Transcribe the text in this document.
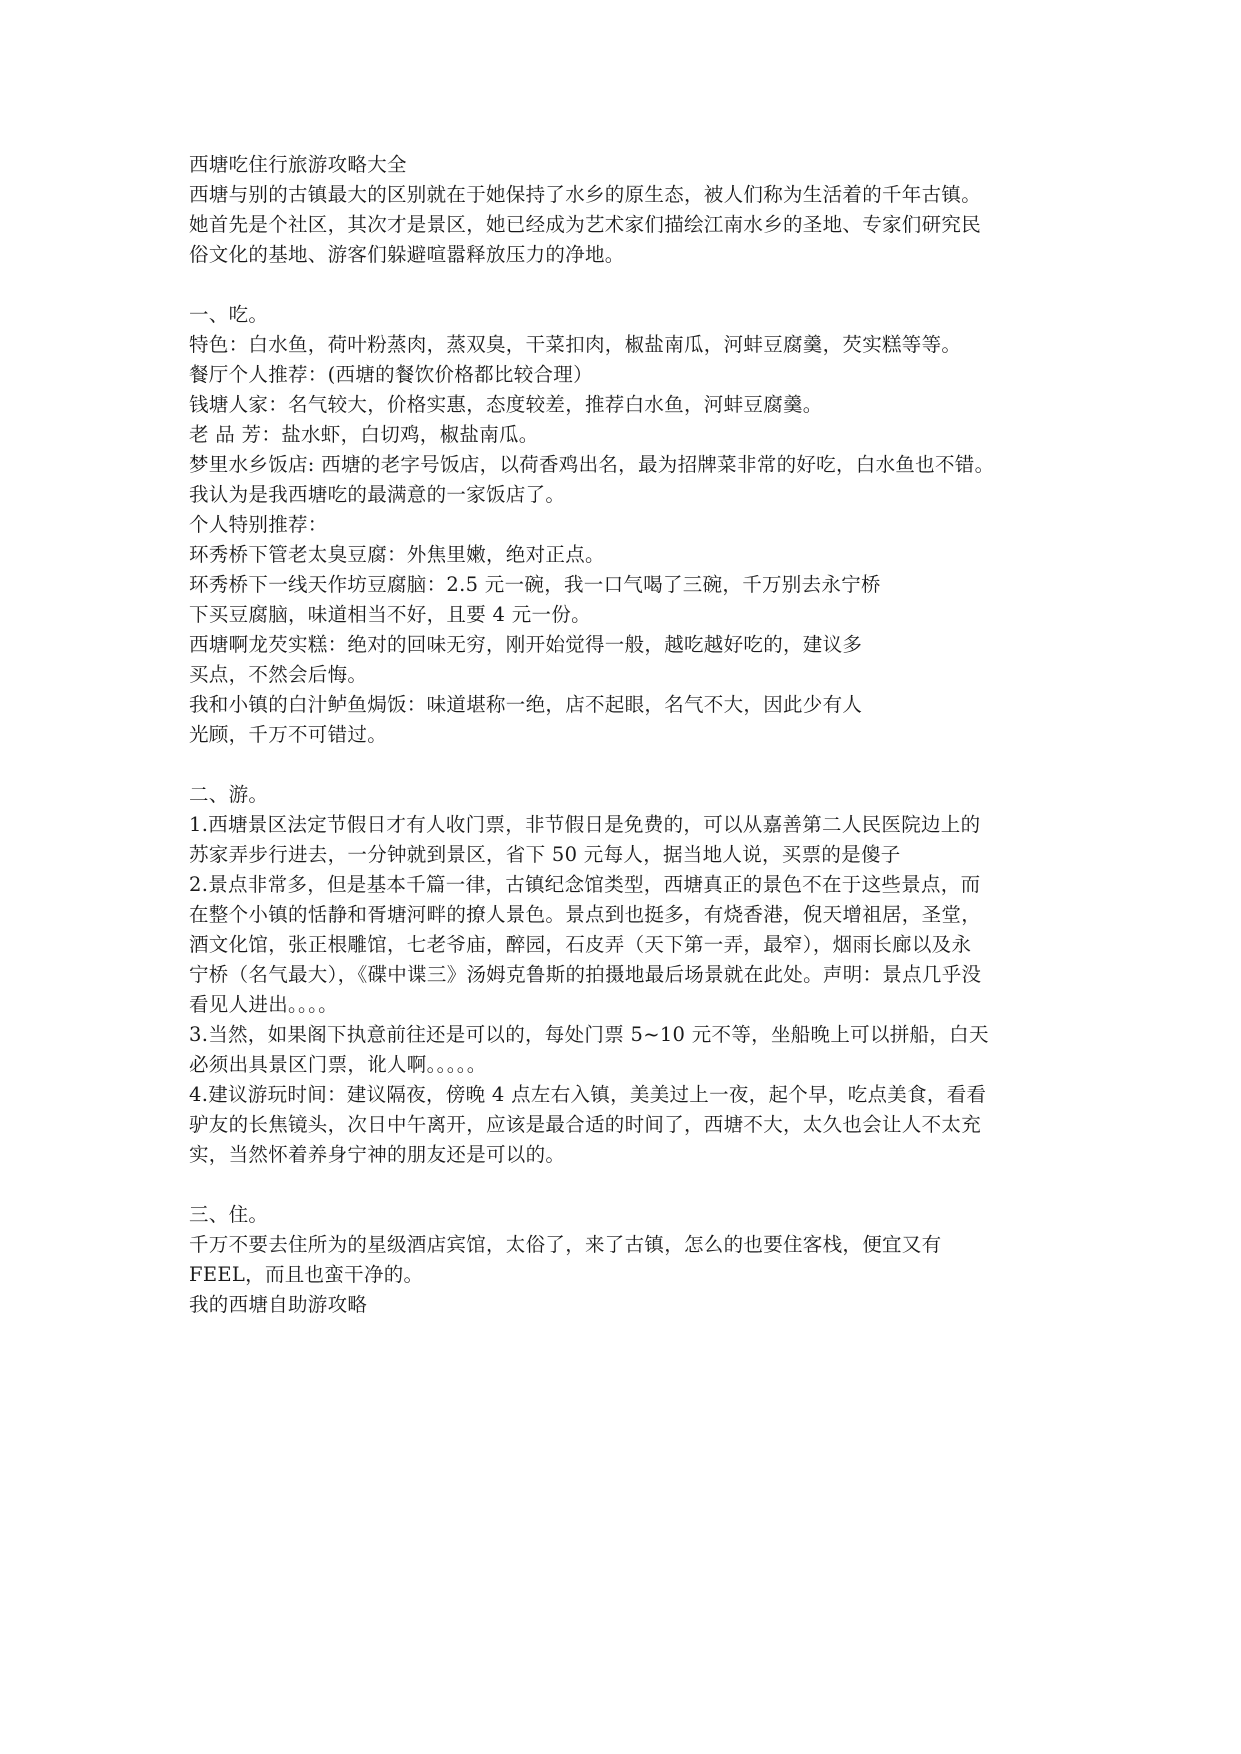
西塘吃住行旅游攻略大全
西塘与别的古镇最大的区别就在于她保持了水乡的原生态，被人们称为生活着的千年古镇。
她首先是个社区，其次才是景区，她已经成为艺术家们描绘江南水乡的圣地、专家们研究民
俗文化的基地、游客们躲避喧嚣释放压力的净地。
一、吃。
特色：白水鱼，荷叶粉蒸肉，蒸双臭，干菜扣肉，椒盐南瓜，河蚌豆腐羹，芡实糕等等。
餐厅个人推荐：(西塘的餐饮价格都比较合理）
钱塘人家：名气较大，价格实惠，态度较差，推荐白水鱼，河蚌豆腐羹。
老 品 芳：盐水虾，白切鸡，椒盐南瓜。
梦里水乡饭店: 西塘的老字号饭店，以荷香鸡出名，最为招牌菜非常的好吃，白水鱼也不错。
我认为是我西塘吃的最满意的一家饭店了。
个人特别推荐：
环秀桥下管老太臭豆腐：外焦里嫩，绝对正点。
环秀桥下一线天作坊豆腐脑：2.5 元一碗，我一口气喝了三碗，千万别去永宁桥
下买豆腐脑，味道相当不好，且要 4 元一份。
西塘啊龙芡实糕：绝对的回味无穷，刚开始觉得一般，越吃越好吃的，建议多
买点，不然会后悔。
我和小镇的白汁鲈鱼焗饭：味道堪称一绝，店不起眼，名气不大，因此少有人
光顾，千万不可错过。
二、游。
1.西塘景区法定节假日才有人收门票，非节假日是免费的，可以从嘉善第二人民医院边上的
苏家弄步行进去，一分钟就到景区，省下 50 元每人，据当地人说，买票的是傻子
2.景点非常多，但是基本千篇一律，古镇纪念馆类型，西塘真正的景色不在于这些景点，而
在整个小镇的恬静和胥塘河畔的撩人景色。景点到也挺多，有烧香港，倪天增祖居，圣堂，
酒文化馆，张正根雕馆，七老爷庙，醉园，石皮弄（天下第一弄，最窄），烟雨长廊以及永
宁桥（名气最大），《碟中谍三》汤姆克鲁斯的拍摄地最后场景就在此处。声明：景点几乎没
看见人进出。。。。
3.当然，如果阁下执意前往还是可以的，每处门票 5~10 元不等，坐船晚上可以拼船，白天
必须出具景区门票，讹人啊。。。。。
4.建议游玩时间：建议隔夜，傍晚 4 点左右入镇，美美过上一夜，起个早，吃点美食，看看
驴友的长焦镜头，次日中午离开，应该是最合适的时间了，西塘不大，太久也会让人不太充
实，当然怀着养身宁神的朋友还是可以的。
三、住。
千万不要去住所为的星级酒店宾馆，太俗了，来了古镇，怎么的也要住客栈，便宜又有
FEEL，而且也蛮干净的。
我的西塘自助游攻略
